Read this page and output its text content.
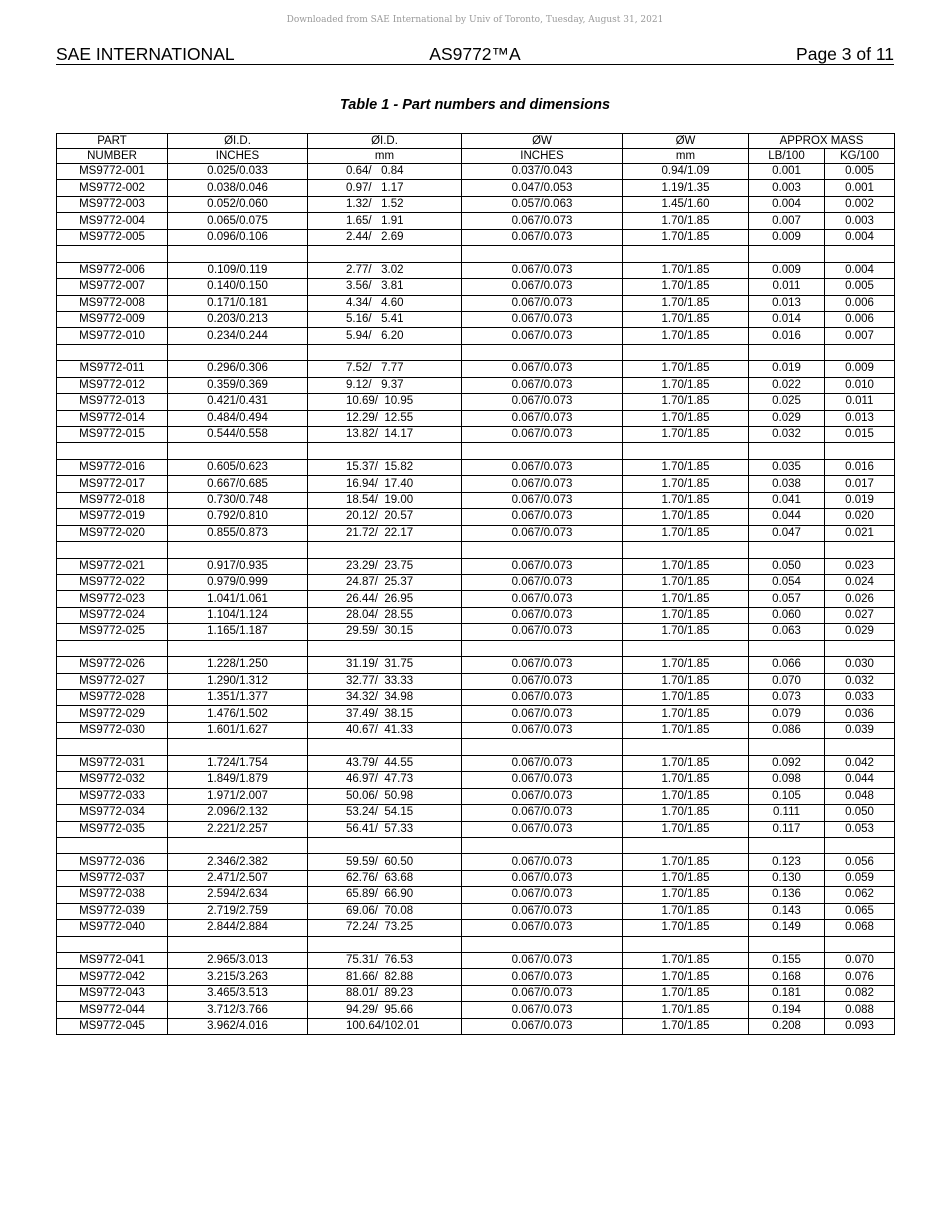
Downloaded from SAE International by Univ of Toronto, Tuesday, August 31, 2021
SAE INTERNATIONAL	AS9772™A	Page 3 of 11
Table 1 - Part numbers and dimensions
PART	ØI.D.	ØI.D.	ØW	ØW	APPROX MASS	
NUMBER	INCHES	mm	INCHES	mm	LB/100	KG/100
MS9772-001	0.025/0.033	0.64/   0.84	0.037/0.043	0.94/1.09	0.001	0.005
MS9772-002	0.038/0.046	0.97/   1.17	0.047/0.053	1.19/1.35	0.003	0.001
MS9772-003	0.052/0.060	1.32/   1.52	0.057/0.063	1.45/1.60	0.004	0.002
MS9772-004	0.065/0.075	1.65/   1.91	0.067/0.073	1.70/1.85	0.007	0.003
MS9772-005	0.096/0.106	2.44/   2.69	0.067/0.073	1.70/1.85	0.009	0.004

MS9772-006	0.109/0.119	2.77/   3.02	0.067/0.073	1.70/1.85	0.009	0.004
MS9772-007	0.140/0.150	3.56/   3.81	0.067/0.073	1.70/1.85	0.011	0.005
MS9772-008	0.171/0.181	4.34/   4.60	0.067/0.073	1.70/1.85	0.013	0.006
MS9772-009	0.203/0.213	5.16/   5.41	0.067/0.073	1.70/1.85	0.014	0.006
MS9772-010	0.234/0.244	5.94/   6.20	0.067/0.073	1.70/1.85	0.016	0.007

MS9772-011	0.296/0.306	7.52/   7.77	0.067/0.073	1.70/1.85	0.019	0.009
MS9772-012	0.359/0.369	9.12/   9.37	0.067/0.073	1.70/1.85	0.022	0.010
MS9772-013	0.421/0.431	10.69/  10.95	0.067/0.073	1.70/1.85	0.025	0.011
MS9772-014	0.484/0.494	12.29/  12.55	0.067/0.073	1.70/1.85	0.029	0.013
MS9772-015	0.544/0.558	13.82/  14.17	0.067/0.073	1.70/1.85	0.032	0.015

MS9772-016	0.605/0.623	15.37/  15.82	0.067/0.073	1.70/1.85	0.035	0.016
MS9772-017	0.667/0.685	16.94/  17.40	0.067/0.073	1.70/1.85	0.038	0.017
MS9772-018	0.730/0.748	18.54/  19.00	0.067/0.073	1.70/1.85	0.041	0.019
MS9772-019	0.792/0.810	20.12/  20.57	0.067/0.073	1.70/1.85	0.044	0.020
MS9772-020	0.855/0.873	21.72/  22.17	0.067/0.073	1.70/1.85	0.047	0.021

MS9772-021	0.917/0.935	23.29/  23.75	0.067/0.073	1.70/1.85	0.050	0.023
MS9772-022	0.979/0.999	24.87/  25.37	0.067/0.073	1.70/1.85	0.054	0.024
MS9772-023	1.041/1.061	26.44/  26.95	0.067/0.073	1.70/1.85	0.057	0.026
MS9772-024	1.104/1.124	28.04/  28.55	0.067/0.073	1.70/1.85	0.060	0.027
MS9772-025	1.165/1.187	29.59/  30.15	0.067/0.073	1.70/1.85	0.063	0.029

MS9772-026	1.228/1.250	31.19/  31.75	0.067/0.073	1.70/1.85	0.066	0.030
MS9772-027	1.290/1.312	32.77/  33.33	0.067/0.073	1.70/1.85	0.070	0.032
MS9772-028	1.351/1.377	34.32/  34.98	0.067/0.073	1.70/1.85	0.073	0.033
MS9772-029	1.476/1.502	37.49/  38.15	0.067/0.073	1.70/1.85	0.079	0.036
MS9772-030	1.601/1.627	40.67/  41.33	0.067/0.073	1.70/1.85	0.086	0.039

MS9772-031	1.724/1.754	43.79/  44.55	0.067/0.073	1.70/1.85	0.092	0.042
MS9772-032	1.849/1.879	46.97/  47.73	0.067/0.073	1.70/1.85	0.098	0.044
MS9772-033	1.971/2.007	50.06/  50.98	0.067/0.073	1.70/1.85	0.105	0.048
MS9772-034	2.096/2.132	53.24/  54.15	0.067/0.073	1.70/1.85	0.111	0.050
MS9772-035	2.221/2.257	56.41/  57.33	0.067/0.073	1.70/1.85	0.117	0.053

MS9772-036	2.346/2.382	59.59/  60.50	0.067/0.073	1.70/1.85	0.123	0.056
MS9772-037	2.471/2.507	62.76/  63.68	0.067/0.073	1.70/1.85	0.130	0.059
MS9772-038	2.594/2.634	65.89/  66.90	0.067/0.073	1.70/1.85	0.136	0.062
MS9772-039	2.719/2.759	69.06/  70.08	0.067/0.073	1.70/1.85	0.143	0.065
MS9772-040	2.844/2.884	72.24/  73.25	0.067/0.073	1.70/1.85	0.149	0.068

MS9772-041	2.965/3.013	75.31/  76.53	0.067/0.073	1.70/1.85	0.155	0.070
MS9772-042	3.215/3.263	81.66/  82.88	0.067/0.073	1.70/1.85	0.168	0.076
MS9772-043	3.465/3.513	88.01/  89.23	0.067/0.073	1.70/1.85	0.181	0.082
MS9772-044	3.712/3.766	94.29/  95.66	0.067/0.073	1.70/1.85	0.194	0.088
MS9772-045	3.962/4.016	100.64/102.01	0.067/0.073	1.70/1.85	0.208	0.093
